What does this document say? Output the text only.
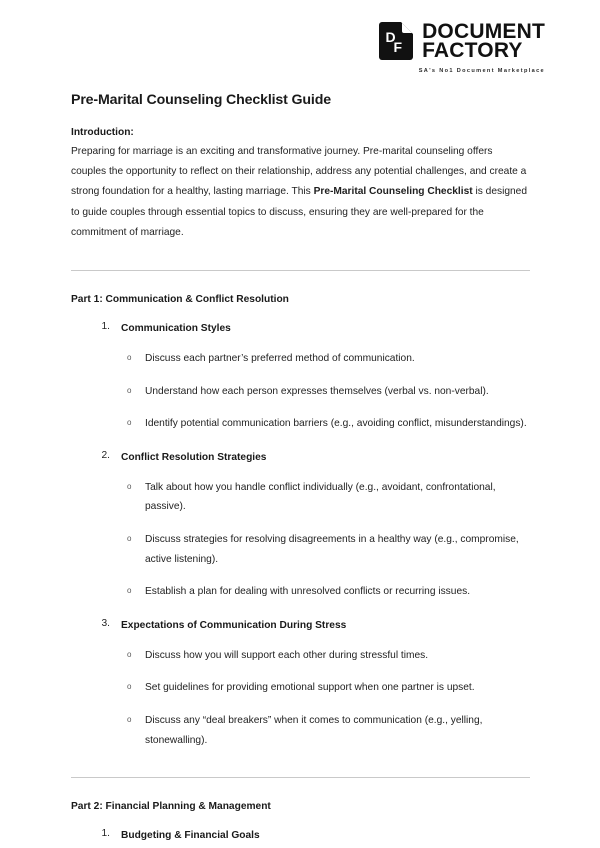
D
F
DOCUMENT
FACTORY
SA's No1 Document Marketplace
Pre-Marital Counseling Checklist Guide
Introduction:

Preparing for marriage is an exciting and transformative journey. Pre-marital counseling offers couples the opportunity to reflect on their relationship, address any potential challenges, and create a strong foundation for a healthy, lasting marriage. This Pre-Marital Counseling Checklist is designed to guide couples through essential topics to discuss, ensuring they are well-prepared for the commitment of marriage.

Part 1: Communication & Conflict Resolution
1. Communication Styles
o Discuss each partner’s preferred method of communication.
o Understand how each person expresses themselves (verbal vs. non-verbal).
o Identify potential communication barriers (e.g., avoiding conflict, misunderstandings).
2. Conflict Resolution Strategies
o Talk about how you handle conflict individually (e.g., avoidant, confrontational, passive).
o Discuss strategies for resolving disagreements in a healthy way (e.g., compromise, active listening).
o Establish a plan for dealing with unresolved conflicts or recurring issues.
3. Expectations of Communication During Stress
o Discuss how you will support each other during stressful times.
o Set guidelines for providing emotional support when one partner is upset.
o Discuss any “deal breakers” when it comes to communication (e.g., yelling, stonewalling).
Part 2: Financial Planning & Management
1. Budgeting & Financial Goals
